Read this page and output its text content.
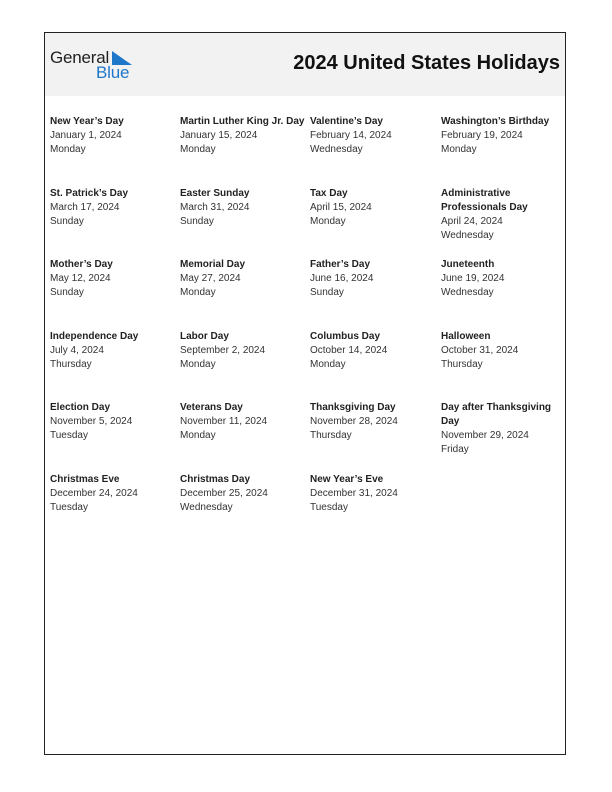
General
Blue	2024 United States Holidays
New Year’s Day
January 1, 2024
Monday
Martin Luther King Jr. Day
January 15, 2024
Monday
Valentine’s Day
February 14, 2024
Wednesday
Washington’s Birthday
February 19, 2024
Monday
St. Patrick’s Day
March 17, 2024
Sunday
Easter Sunday
March 31, 2024
Sunday
Tax Day
April 15, 2024
Monday
Administrative Professionals Day
April 24, 2024
Wednesday
Mother’s Day
May 12, 2024
Sunday
Memorial Day
May 27, 2024
Monday
Father’s Day
June 16, 2024
Sunday
Juneteenth
June 19, 2024
Wednesday
Independence Day
July 4, 2024
Thursday
Labor Day
September 2, 2024
Monday
Columbus Day
October 14, 2024
Monday
Halloween
October 31, 2024
Thursday
Election Day
November 5, 2024
Tuesday
Veterans Day
November 11, 2024
Monday
Thanksgiving Day
November 28, 2024
Thursday
Day after Thanksgiving Day
November 29, 2024
Friday
Christmas Eve
December 24, 2024
Tuesday
Christmas Day
December 25, 2024
Wednesday
New Year’s Eve
December 31, 2024
Tuesday
